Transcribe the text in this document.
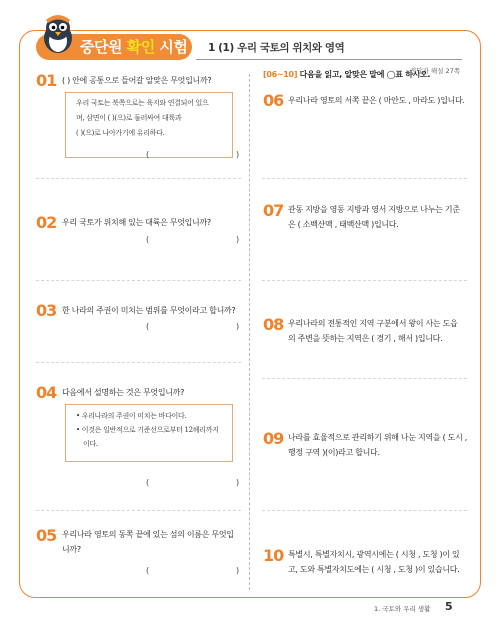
중단원 확인 시험 1 (1) 우리 국토의 위치와 영역
정답과 해설 27쪽
01 ( ) 안에 공통으로 들어갈 알맞은 무엇입니까?
우리 국토는 북쪽으로는 육지와 연결되어 있으
며, 삼면이 ( )(으)로 둘러싸여 대륙과
( )(으)로 나아가기에 유리하다.
(	)
02 우리 국토가 위치해 있는 대륙은 무엇입니까?
(	)
03 한 나라의 주권이 미치는 범위를 무엇이라고 합니까?
(	)
04 다음에서 설명하는 것은 무엇입니까?
• 우리나라의 주권이 미치는 바다이다.
• 이것은 일반적으로 기준선으로부터 12해리까지 이다.
(	)
05 우리나라 영토의 동쪽 끝에 있는 섬의 이름은 무엇입
니까?
(	)
[06~10] 다음을 읽고, 알맞은 말에 ◯표 하시오.
06 우리나라 영토의 서쪽 끝은 ( 마안도 , 마라도 )입니다.
07 관동 지방을 영동 지방과 영서 지방으로 나누는 기준
은 ( 소백산맥 , 태백산맥 )입니다.
08 우리나라의 전통적인 지역 구분에서 왕이 사는 도읍
의 주변을 뜻하는 지역은 ( 경기 , 해서 )입니다.
09 나라를 효율적으로 관리하기 위해 나눈 지역을 ( 도시 ,
행정 구역 )(이)라고 합니다.
10 특별시, 특별자치시, 광역시에는 ( 시청 , 도청 )이 있
고, 도와 특별자치도에는 ( 시청 , 도청 )이 있습니다.
1. 국토와 우리 생활 5
